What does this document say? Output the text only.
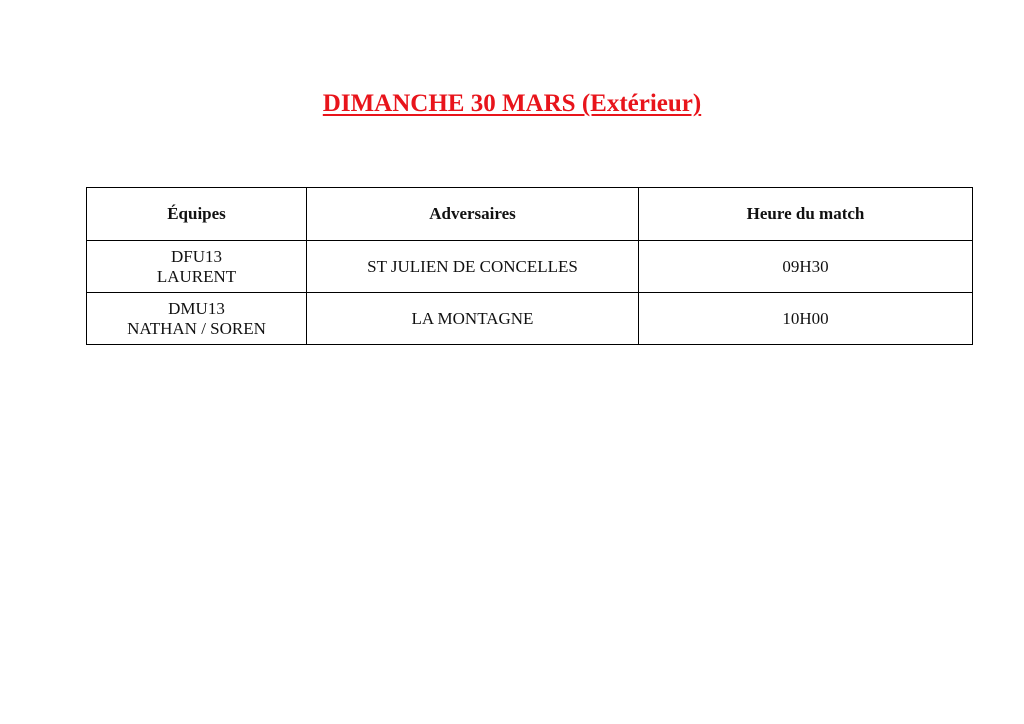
DIMANCHE 30 MARS (Extérieur)
Équipes	Adversaires	Heure du match

DFU13
LAURENT	ST JULIEN DE CONCELLES	09H30

DMU13
NATHAN / SOREN	LA MONTAGNE	10H00
